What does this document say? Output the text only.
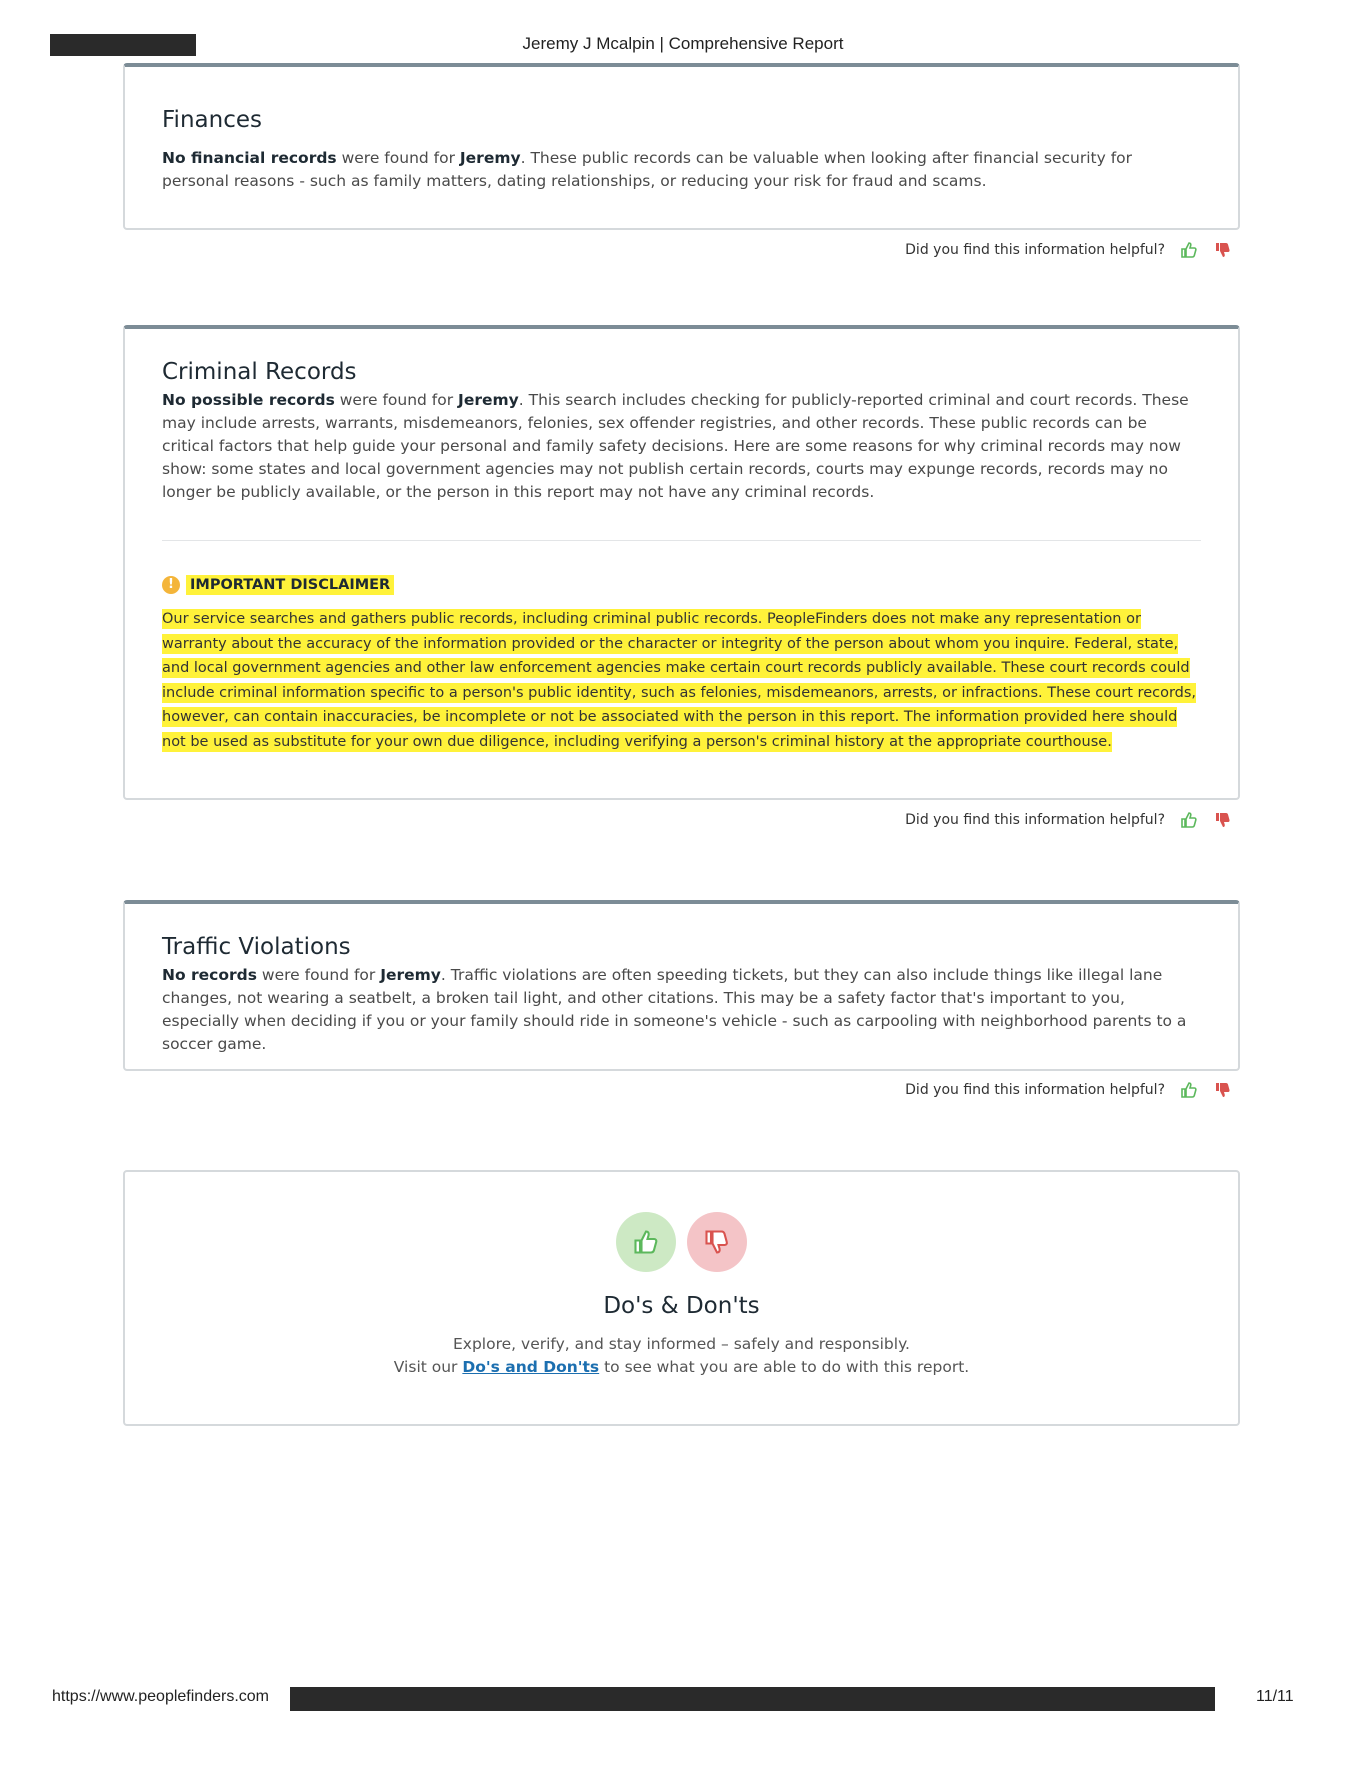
Jeremy J Mcalpin | Comprehensive Report
Finances
No financial records were found for Jeremy. These public records can be valuable when looking after financial security for personal reasons - such as family matters, dating relationships, or reducing your risk for fraud and scams.
Did you find this information helpful?
Criminal Records
No possible records were found for Jeremy. This search includes checking for publicly-reported criminal and court records. These may include arrests, warrants, misdemeanors, felonies, sex offender registries, and other records. These public records can be critical factors that help guide your personal and family safety decisions. Here are some reasons for why criminal records may now show: some states and local government agencies may not publish certain records, courts may expunge records, records may no longer be publicly available, or the person in this report may not have any criminal records.
!	IMPORTANT DISCLAIMER
Our service searches and gathers public records, including criminal public records. PeopleFinders does not make any representation or warranty about the accuracy of the information provided or the character or integrity of the person about whom you inquire. Federal, state, and local government agencies and other law enforcement agencies make certain court records publicly available. These court records could include criminal information specific to a person's public identity, such as felonies, misdemeanors, arrests, or infractions. These court records, however, can contain inaccuracies, be incomplete or not be associated with the person in this report. The information provided here should not be used as substitute for your own due diligence, including verifying a person's criminal history at the appropriate courthouse.
Did you find this information helpful?
Traffic Violations
No records were found for Jeremy. Traffic violations are often speeding tickets, but they can also include things like illegal lane changes, not wearing a seatbelt, a broken tail light, and other citations. This may be a safety factor that's important to you, especially when deciding if you or your family should ride in someone's vehicle - such as carpooling with neighborhood parents to a soccer game.
Did you find this information helpful?

Do's & Don'ts
Explore, verify, and stay informed – safely and responsibly.
Visit our Do's and Don'ts to see what you are able to do with this report.
https://www.peoplefinders.com	11/11
